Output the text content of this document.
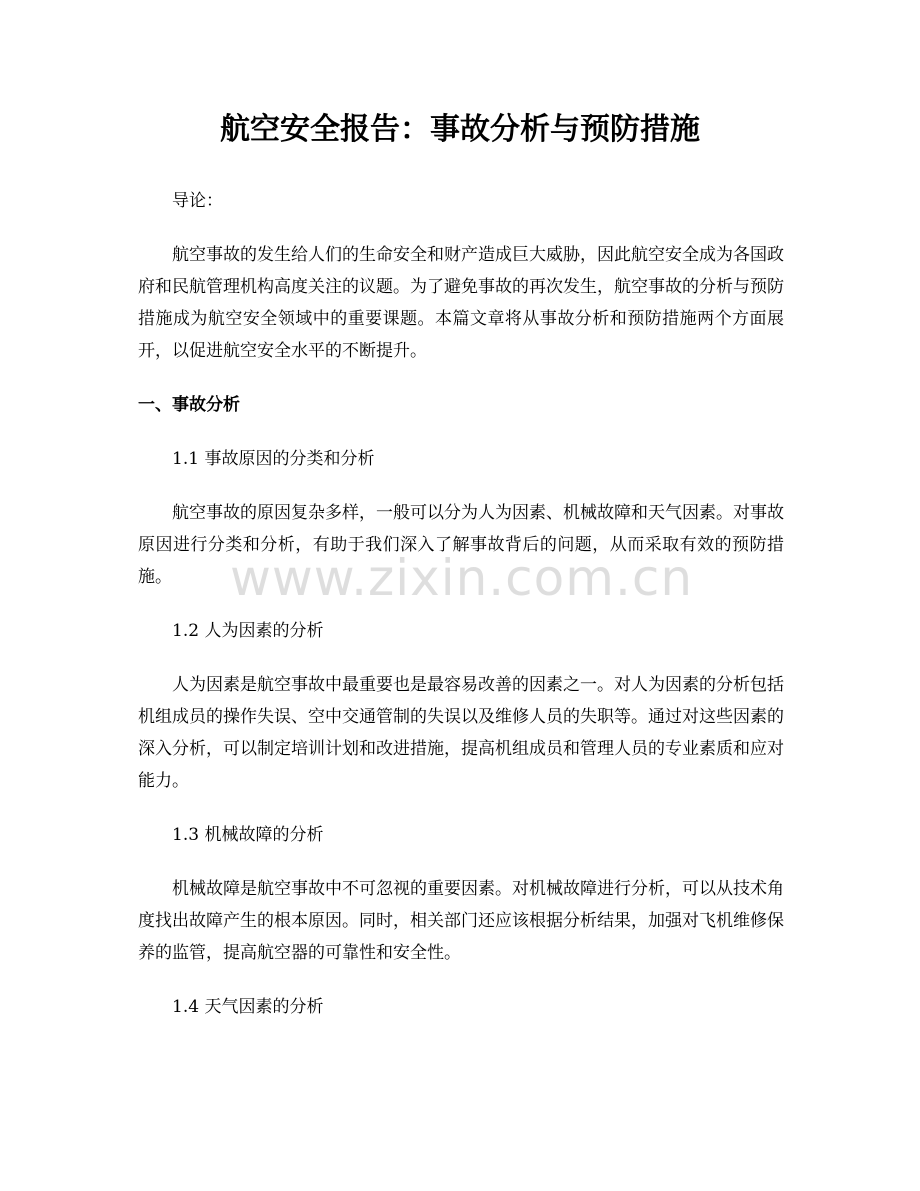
航空安全报告：事故分析与预防措施

导论：

航空事故的发生给人们的生命安全和财产造成巨大威胁，因此航空安全成为各国政府和民航管理机构高度关注的议题。为了避免事故的再次发生，航空事故的分析与预防措施成为航空安全领域中的重要课题。本篇文章将从事故分析和预防措施两个方面展开，以促进航空安全水平的不断提升。

一、事故分析

1.1 事故原因的分类和分析

航空事故的原因复杂多样，一般可以分为人为因素、机械故障和天气因素。对事故原因进行分类和分析，有助于我们深入了解事故背后的问题，从而采取有效的预防措施。

1.2 人为因素的分析

人为因素是航空事故中最重要也是最容易改善的因素之一。对人为因素的分析包括机组成员的操作失误、空中交通管制的失误以及维修人员的失职等。通过对这些因素的深入分析，可以制定培训计划和改进措施，提高机组成员和管理人员的专业素质和应对能力。

1.3 机械故障的分析

机械故障是航空事故中不可忽视的重要因素。对机械故障进行分析，可以从技术角度找出故障产生的根本原因。同时，相关部门还应该根据分析结果，加强对飞机维修保养的监管，提高航空器的可靠性和安全性。

1.4 天气因素的分析

www.zixin.com.cn
